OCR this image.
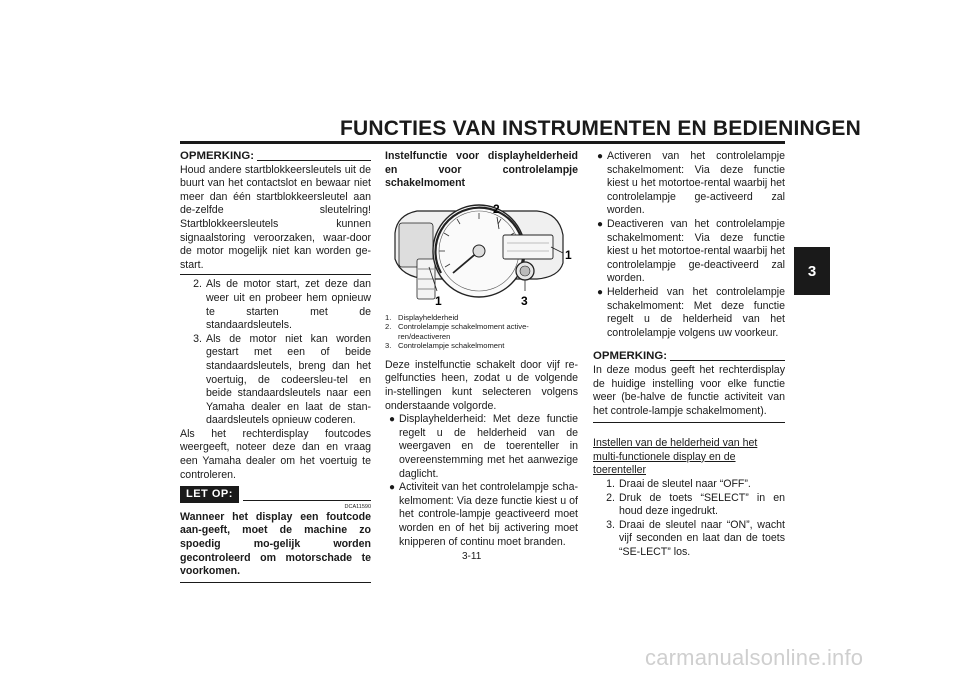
FUNCTIES VAN INSTRUMENTEN EN BEDIENINGEN
3
OPMERKING:

Houd andere startblokkeersleutels uit de buurt van het contactslot en bewaar niet meer dan één startblokkeersleutel aan de-zelfde sleutelring! Startblokkeersleutels kunnen signaalstoring veroorzaken, waar-door de motor mogelijk niet kan worden ge-start.

2. Als de motor start, zet deze dan weer uit en probeer hem opnieuw te starten met de standaardsleutels.
3. Als de motor niet kan worden gestart met een of beide standaardsleutels, breng dan het voertuig, de codeersleu-tel en beide standaardsleutels naar een Yamaha dealer en laat de stan-daardsleutels opnieuw coderen.

Als het rechterdisplay foutcodes weergeeft, noteer deze dan en vraag een Yamaha dealer om het voertuig te controleren.

LET OP:
DCA11590

Wanneer het display een foutcode aan-geeft, moet de machine zo spoedig mo-gelijk worden gecontroleerd om motorschade te voorkomen.

Instelfunctie voor displayhelderheid en voor controlelampje schakelmoment

2
1
1	3
1. Displayhelderheid
2. Controlelampje schakelmoment active-ren/deactiveren
3. Controlelampje schakelmoment

Deze instelfunctie schakelt door vijf re-gelfuncties heen, zodat u de volgende in-stellingen kunt selecteren volgens onderstaande volgorde.

● Displayhelderheid: Met deze functie regelt u de helderheid van de weergaven en de toerenteller in overeenstemming met het aanwezige daglicht.
● Activiteit van het controlelampje scha-kelmoment: Via deze functie kiest u of het controle-lampje geactiveerd moet worden en of het bij activering moet knipperen of continu moet branden.
● Activeren van het controlelampje schakelmoment: Via deze functie kiest u het motortoe-rental waarbij het controlelampje ge-activeerd zal worden.
● Deactiveren van het controlelampje schakelmoment: Via deze functie kiest u het motortoe-rental waarbij het controlelampje ge-deactiveerd zal worden.
● Helderheid van het controlelampje schakelmoment: Met deze functie regelt u de helderheid van het controlelampje volgens uw voorkeur.
OPMERKING:

In deze modus geeft het rechterdisplay de huidige instelling voor elke functie weer (be-halve de functie activiteit van het controle-lampje schakelmoment).

Instellen van de helderheid van het multi-functionele display en de toerenteller

1. Draai de sleutel naar “OFF”.
2. Druk de toets “SELECT” in en houd deze ingedrukt.
3. Draai de sleutel naar “ON”, wacht vijf seconden en laat dan de toets “SE-LECT” los.
3-11
carmanualsonline.info
